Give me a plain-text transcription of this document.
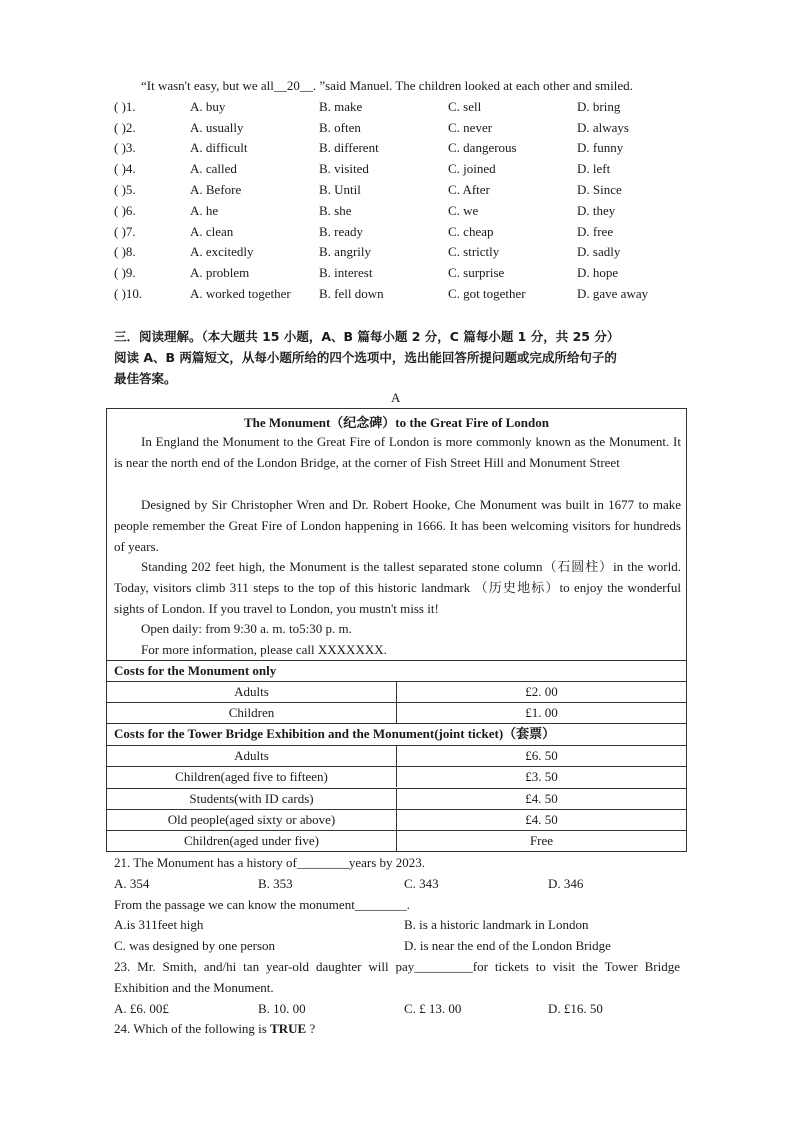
“It wasn't easy, but we all__20__. ”said Manuel. The children looked at each other and smiled.
( )1.	A. buy	B. make	C. sell	D. bring
( )2.	A. usually	B. often	C. never	D. always
( )3.	A. difficult	B. different	C. dangerous	D. funny
( )4.	A. called	B. visited	C. joined	D. left
( )5.	A. Before	B. Until	C. After	D. Since
( )6.	A. he	B. she	C. we	D. they
( )7.	A. clean	B. ready	C. cheap	D. free
( )8.	A. excitedly	B. angrily	C. strictly	D. sadly
( )9.	A. problem	B. interest	C. surprise	D. hope
( )10.	A. worked together B. fell down	C. got together	D. gave away
三．阅读理解。（本大题共 15 小题，A、B 篇每小题 2 分，C 篇每小题 1 分，共 25 分）
阅读 A、B 两篇短文，从每小题所给的四个选项中，选出能回答所提问题或完成所给句子的
最佳答案。
A
The Monument（纪念碑）to the Great Fire of London

In England the Monument to the Great Fire of London is more commonly known as the Monument. It is near the north end of the London Bridge, at the corner of Fish Street Hill and Monument Street

Designed by Sir Christopher Wren and Dr. Robert Hooke, Che Monument was built in 1677 to make people remember the Great Fire of London happening in 1666. It has been welcoming visitors for hundreds of years.

Standing 202 feet high, the Monument is the tallest separated stone column（石圆柱）in the world. Today, visitors climb 311 steps to the top of this historic landmark （历史地标）to enjoy the wonderful sights of London. If you travel to London, you mustn't miss it!

Open daily: from 9:30 a. m. to5:30 p. m.

For more information, please call XXXXXXX.

Costs for the Monument only
Adults	£2. 00
Children	£1. 00
Costs for the Tower Bridge Exhibition and the Monument(joint ticket)（套票）
Adults	£6. 50
Children(aged five to fifteen)	£3. 50
Students(with ID cards)	£4. 50
Old people(aged sixty or above)	£4. 50
Children(aged under five)	Free
21. The Monument has a history of________years by 2023.
A. 354	B. 353	C. 343	D. 346
From the passage we can know the monument________.
A.is 311feet high	B. is a historic landmark in London
C. was designed by one person	D. is near the end of the London Bridge
23. Mr. Smith, and/hi tan year-old daughter will pay_________for tickets to visit the Tower Bridge
Exhibition and the Monument.
A. £6. 00£	B. 10. 00	C. £ 13. 00	D. £16. 50
24. Which of the following is TRUE ?
